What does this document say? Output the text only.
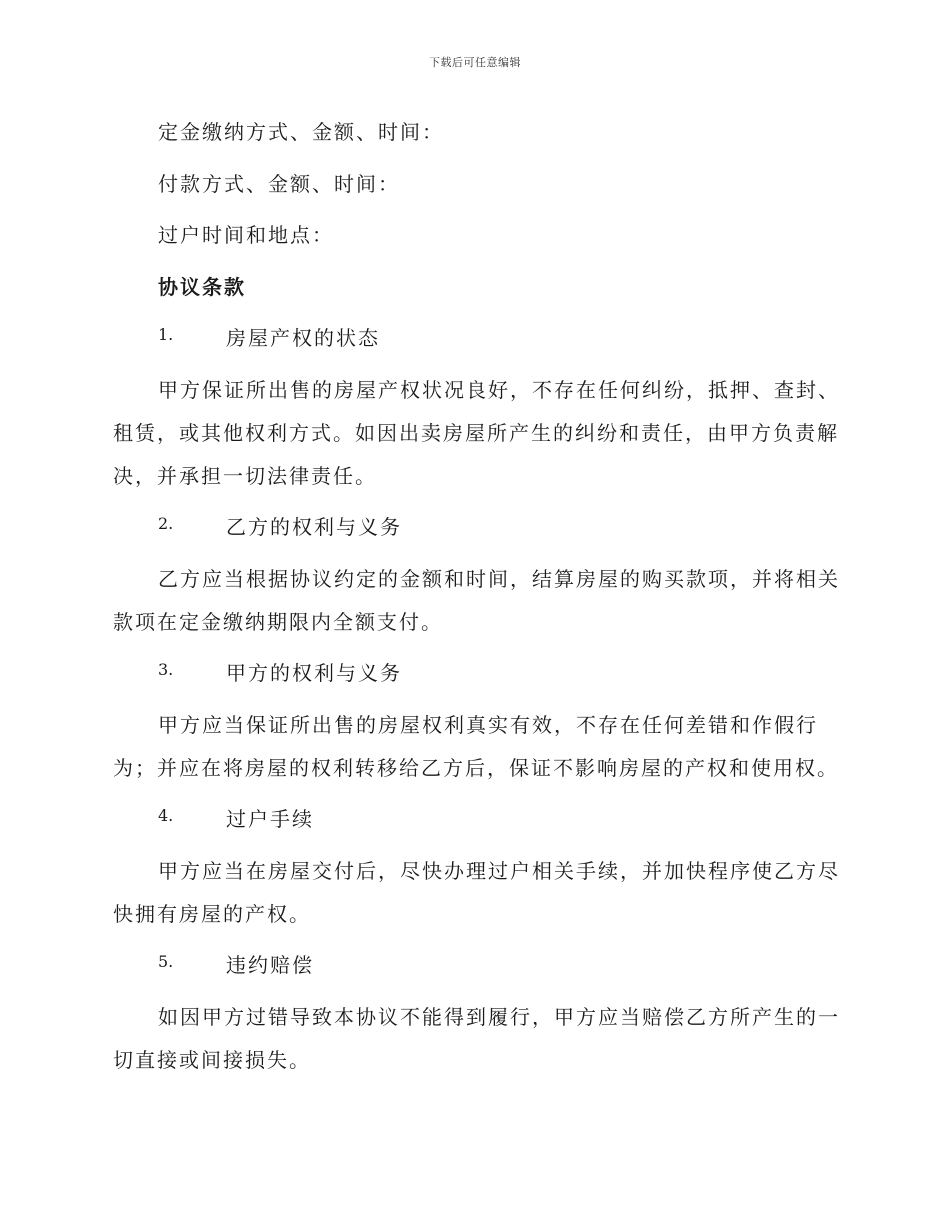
下载后可任意编辑
定金缴纳方式、金额、时间：
付款方式、金额、时间：
过户时间和地点：
协议条款
1.	房屋产权的状态
甲方保证所出售的房屋产权状况良好，不存在任何纠纷，抵押、查封、
租赁，或其他权利方式。如因出卖房屋所产生的纠纷和责任，由甲方负责解
决，并承担一切法律责任。
2.	乙方的权利与义务
乙方应当根据协议约定的金额和时间，结算房屋的购买款项，并将相关
款项在定金缴纳期限内全额支付。
3.	甲方的权利与义务
甲方应当保证所出售的房屋权利真实有效，不存在任何差错和作假行
为；并应在将房屋的权利转移给乙方后，保证不影响房屋的产权和使用权。
4.	过户手续
甲方应当在房屋交付后，尽快办理过户相关手续，并加快程序使乙方尽
快拥有房屋的产权。
5.	违约赔偿
如因甲方过错导致本协议不能得到履行，甲方应当赔偿乙方所产生的一
切直接或间接损失。
